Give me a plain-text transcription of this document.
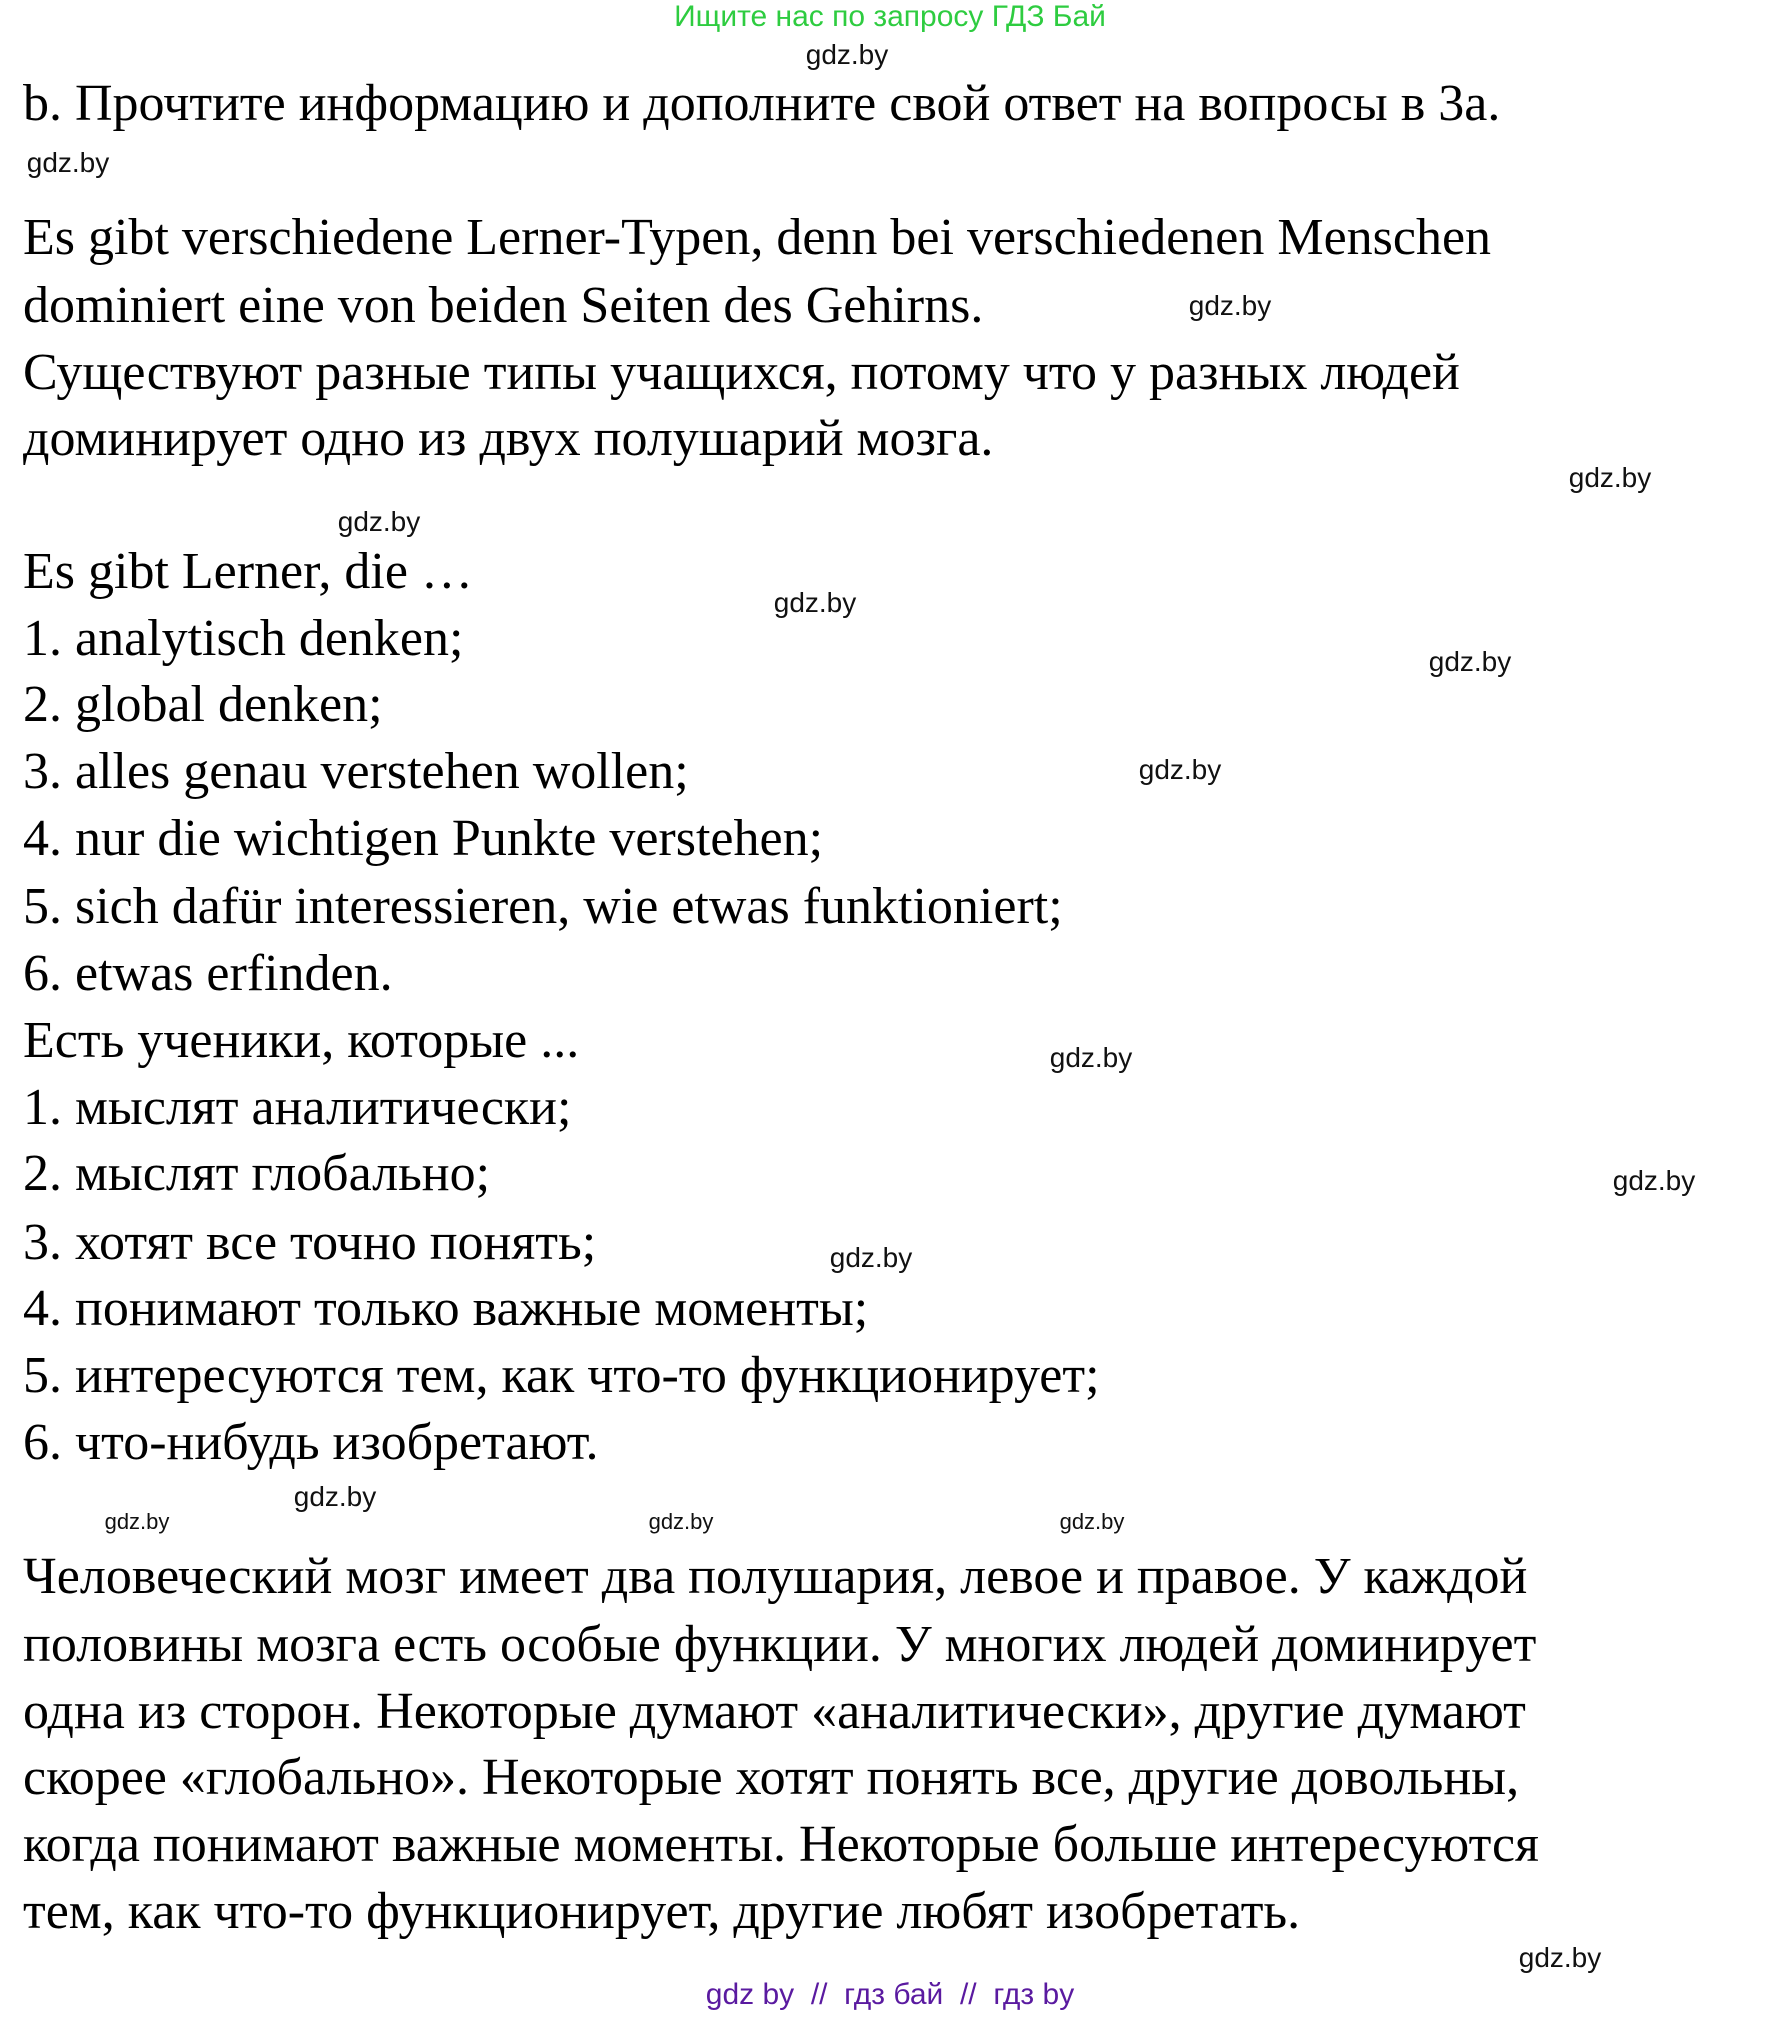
Ищите нас по запросу ГДЗ Бай
b. Прочтите информацию и дополните свой ответ на вопросы в 3а.
Es gibt verschiedene Lerner-Typen, denn bei verschiedenen Menschen
dominiert eine von beiden Seiten des Gehirns.
Существуют разные типы учащихся, потому что у разных людей
доминирует одно из двух полушарий мозга.
Es gibt Lerner, die …
1. analytisch denken;
2. global denken;
3. alles genau verstehen wollen;
4. nur die wichtigen Punkte verstehen;
5. sich dafür interessieren, wie etwas funktioniert;
6. etwas erfinden.
Есть ученики, которые ...
1. мыслят аналитически;
2. мыслят глобально;
3. хотят все точно понять;
4. понимают только важные моменты;
5. интересуются тем, как что-то функционирует;
6. что-нибудь изобретают.
Человеческий мозг имеет два полушария, левое и правое. У каждой
половины мозга есть особые функции. У многих людей доминирует
одна из сторон. Некоторые думают «аналитически», другие думают
скорее «глобально». Некоторые хотят понять все, другие довольны,
когда понимают важные моменты. Некоторые больше интересуются
тем, как что-то функционирует, другие любят изобретать.
gdz.by
gdz.by
gdz.by
gdz.by
gdz.by
gdz.by
gdz.by
gdz.by
gdz.by
gdz.by
gdz.by
gdz.by
gdz.by
gdz.by	gdz.by
gdz.by
gdz by  //  гдз бай  //  гдз by
